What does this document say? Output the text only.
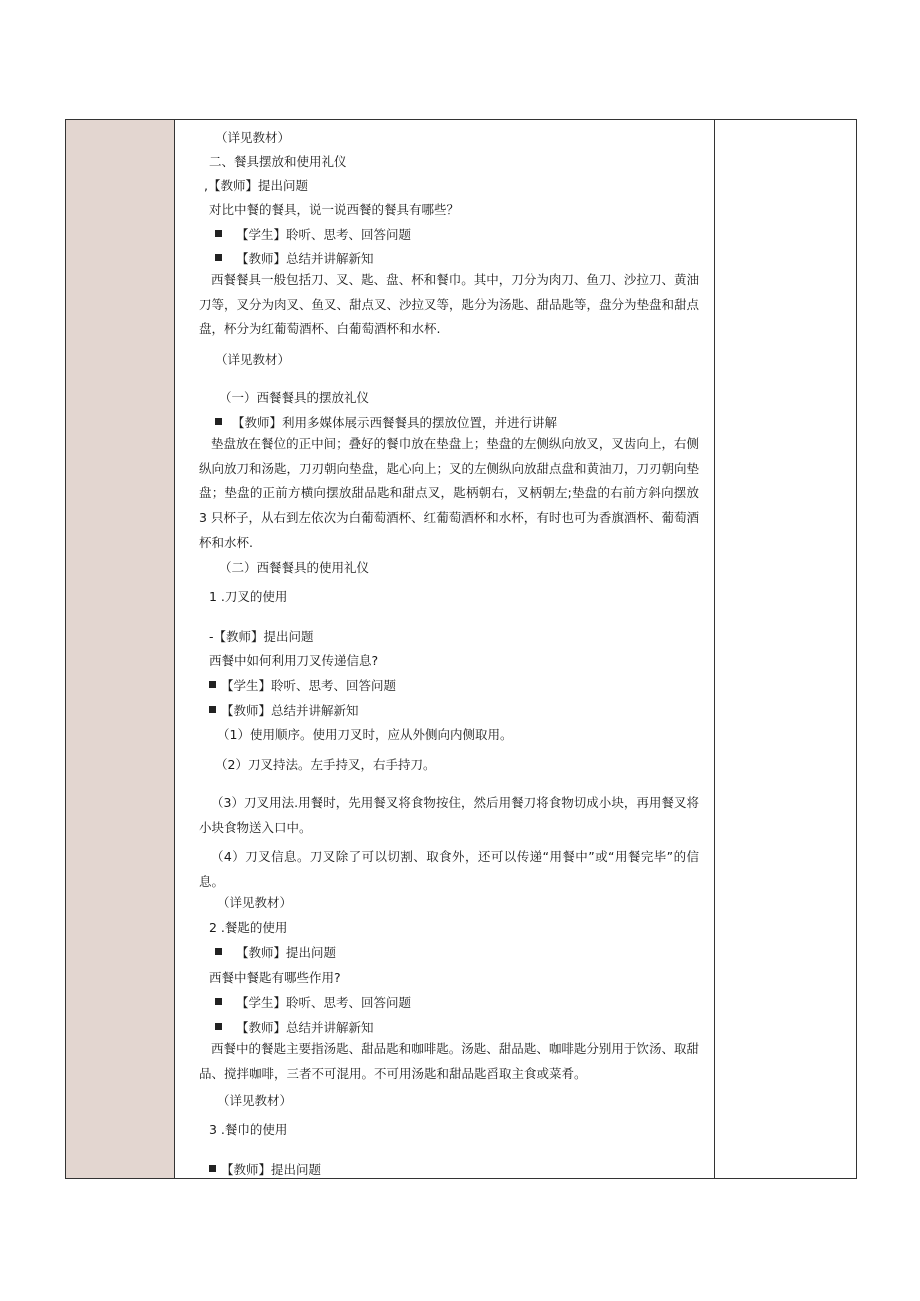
（详见教材）
二、餐具摆放和使用礼仪
,【教师】提出问题
对比中餐的餐具，说一说西餐的餐具有哪些？
【学生】聆听、思考、回答问题
【教师】总结并讲解新知

西餐餐具一般包括刀、叉、匙、盘、杯和餐巾。其中，刀分为肉刀、鱼刀、沙拉刀、黄油刀等，叉分为肉叉、鱼叉、甜点叉、沙拉叉等，匙分为汤匙、甜品匙等，盘分为垫盘和甜点盘，杯分为红葡萄酒杯、白葡萄酒杯和水杯.

（详见教材）
（一）西餐餐具的摆放礼仪
【教师】利用多媒体展示西餐餐具的摆放位置，并进行讲解

垫盘放在餐位的正中间；叠好的餐巾放在垫盘上；垫盘的左侧纵向放叉，叉齿向上，右侧纵向放刀和汤匙，刀刃朝向垫盘，匙心向上；叉的左侧纵向放甜点盘和黄油刀，刀刃朝向垫盘；垫盘的正前方横向摆放甜品匙和甜点叉，匙柄朝右，叉柄朝左;垫盘的右前方斜向摆放 3 只杯子，从右到左依次为白葡萄酒杯、红葡萄酒杯和水杯，有时也可为香旗酒杯、葡萄酒杯和水杯.

（二）西餐餐具的使用礼仪
1 .刀叉的使用
-【教师】提出问题
西餐中如何利用刀叉传递信息?
【学生】聆听、思考、回答问题
【教师】总结并讲解新知
（1）使用顺序。使用刀叉时，应从外侧向内侧取用。
（2）刀叉持法。左手持叉，右手持刀。

（3）刀叉用法.用餐时，先用餐叉将食物按住，然后用餐刀将食物切成小块，再用餐叉将小块食物送入口中。

（4）刀叉信息。刀叉除了可以切割、取食外，还可以传递“用餐中”或“用餐完毕”的信息。

（详见教材）
2 .餐匙的使用
【教师】提出问题
西餐中餐匙有哪些作用?
【学生】聆听、思考、回答问题
【教师】总结并讲解新知

西餐中的餐匙主要指汤匙、甜品匙和咖啡匙。汤匙、甜品匙、咖啡匙分别用于饮汤、取甜品、搅拌咖啡，三者不可混用。不可用汤匙和甜品匙舀取主食或菜肴。

（详见教材）
3 .餐巾的使用
【教师】提出问题
